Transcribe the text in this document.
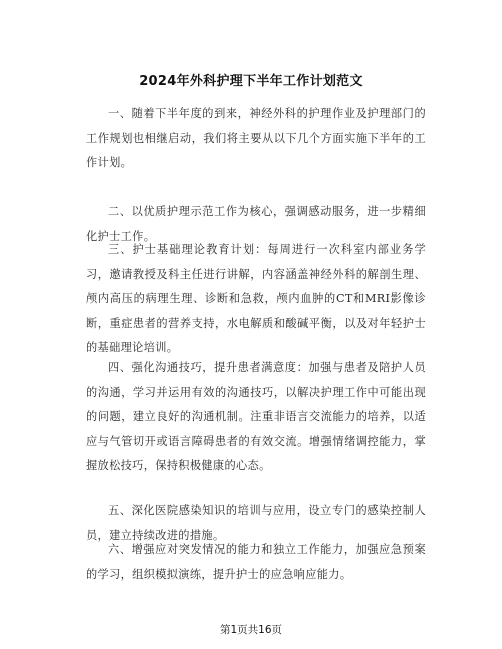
2024年外科护理下半年工作计划范文

一、随着下半年度的到来，神经外科的护理作业及护理部门的工作规划也相继启动，我们将主要从以下几个方面实施下半年的工作计划。

二、以优质护理示范工作为核心，强调感动服务，进一步精细化护士工作。

三、护士基础理论教育计划：每周进行一次科室内部业务学习，邀请教授及科主任进行讲解，内容涵盖神经外科的解剖生理、颅内高压的病理生理、诊断和急救，颅内血肿的CT和MRI影像诊断，重症患者的营养支持，水电解质和酸碱平衡，以及对年轻护士的基础理论培训。

四、强化沟通技巧，提升患者满意度：加强与患者及陪护人员的沟通，学习并运用有效的沟通技巧，以解决护理工作中可能出现的问题，建立良好的沟通机制。注重非语言交流能力的培养，以适应与气管切开或语言障碍患者的有效交流。增强情绪调控能力，掌握放松技巧，保持积极健康的心态。

五、深化医院感染知识的培训与应用，设立专门的感染控制人员，建立持续改进的措施。

六、增强应对突发情况的能力和独立工作能力，加强应急预案的学习，组织模拟演练，提升护士的应急响应能力。

第1页共16页
